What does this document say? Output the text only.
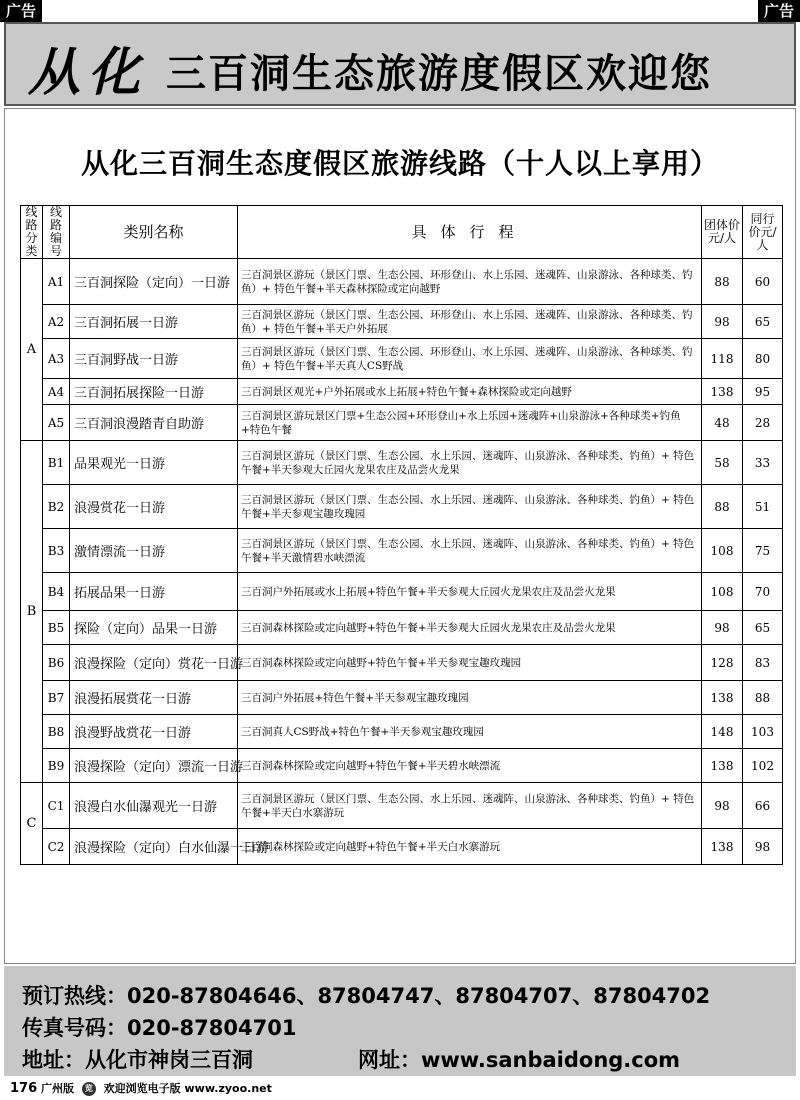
广告	广告
从化 三百洞生态旅游度假区欢迎您
从化三百洞生态度假区旅游线路（十人以上享用）
线路分类	线路编号	类别名称	具体行程	团体价元/人	同行价元/人
A	A1	三百洞探险（定向）一日游	三百洞景区游玩（景区门票、生态公园、环形登山、水上乐园、迷魂阵、山泉游泳、各种球类、钓鱼）+ 特色午餐+半天森林探险或定向越野	88	60
	A2	三百洞拓展一日游	三百洞景区游玩（景区门票、生态公园、环形登山、水上乐园、迷魂阵、山泉游泳、各种球类、钓鱼）+ 特色午餐+半天户外拓展	98	65
	A3	三百洞野战一日游	三百洞景区游玩（景区门票、生态公园、环形登山、水上乐园、迷魂阵、山泉游泳、各种球类、钓鱼）+ 特色午餐+半天真人CS野战	118	80
	A4	三百洞拓展探险一日游	三百洞景区观光+户外拓展或水上拓展+特色午餐+森林探险或定向越野	138	95
	A5	三百洞浪漫踏青自助游	三百洞景区游玩景区门票+生态公园+环形登山+水上乐园+迷魂阵+山泉游泳+各种球类+钓鱼+特色午餐	48	28
B	B1	品果观光一日游	三百洞景区游玩（景区门票、生态公园、水上乐园、迷魂阵、山泉游泳、各种球类、钓鱼）+ 特色午餐+半天参观大丘园火龙果农庄及品尝火龙果	58	33
	B2	浪漫赏花一日游	三百洞景区游玩（景区门票、生态公园、水上乐园、迷魂阵、山泉游泳、各种球类、钓鱼）+ 特色午餐+半天参观宝趣玫瑰园	88	51
	B3	激情漂流一日游	三百洞景区游玩（景区门票、生态公园、水上乐园、迷魂阵、山泉游泳、各种球类、钓鱼）+ 特色午餐+半天激情碧水峡漂流	108	75
	B4	拓展品果一日游	三百洞户外拓展或水上拓展+特色午餐+半天参观大丘园火龙果农庄及品尝火龙果	108	70
	B5	探险（定向）品果一日游	三百洞森林探险或定向越野+特色午餐+半天参观大丘园火龙果农庄及品尝火龙果	98	65
	B6	浪漫探险（定向）赏花一日游	三百洞森林探险或定向越野+特色午餐+半天参观宝趣玫瑰园	128	83
	B7	浪漫拓展赏花一日游	三百洞户外拓展+特色午餐+半天参观宝趣玫瑰园	138	88
	B8	浪漫野战赏花一日游	三百洞真人CS野战+特色午餐+半天参观宝趣玫瑰园	148	103
	B9	浪漫探险（定向）漂流一日游	三百洞森林探险或定向越野+特色午餐+半天碧水峡漂流	138	102
C	C1	浪漫白水仙瀑观光一日游	三百洞景区游玩（景区门票、生态公园、水上乐园、迷魂阵、山泉游泳、各种球类、钓鱼）+ 特色午餐+半天白水寨游玩	98	66
	C2	浪漫探险（定向）白水仙瀑一日游	三百洞森林探险或定向越野+特色午餐+半天白水寨游玩	138	98
预订热线：020-87804646、87804747、87804707、87804702
传真号码：020-87804701
地址：从化市神岗三百洞	网址：www.sanbaidong.com
176 广州版 览 欢迎浏览电子版 www.zyoo.net
